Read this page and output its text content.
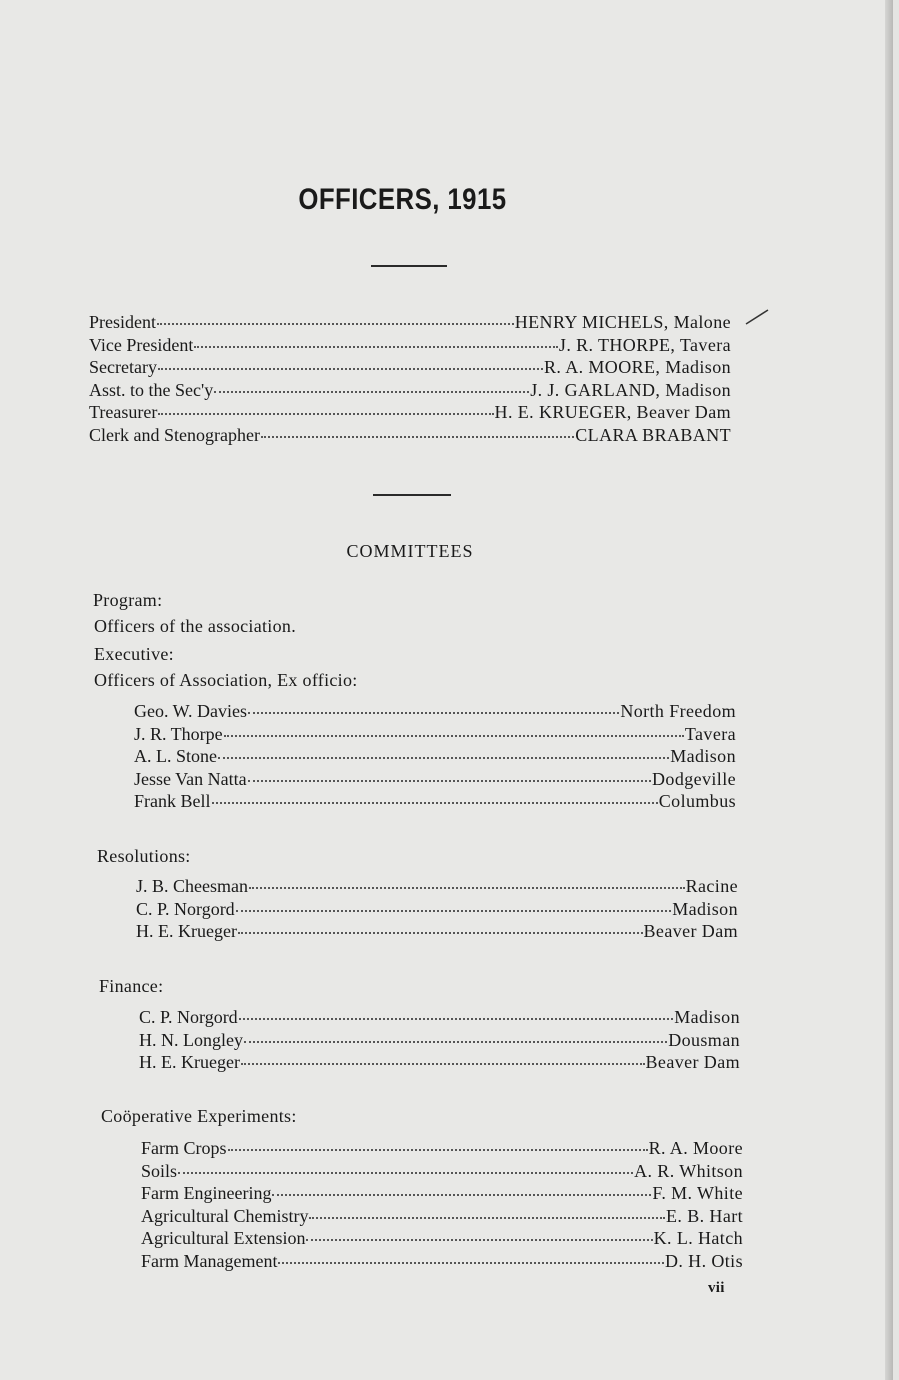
OFFICERS, 1915
President	HENRY MICHELS, Malone
Vice President	J. R. THORPE, Tavera
Secretary	R. A. MOORE, Madison
Asst. to the Sec'y	J. J. GARLAND, Madison
Treasurer	H. E. KRUEGER, Beaver Dam
Clerk and Stenographer	CLARA BRABANT
COMMITTEES
Program:
Officers of the association.
Executive:
Officers of Association, Ex officio:
Geo. W. Davies	North Freedom
J. R. Thorpe	Tavera
A. L. Stone	Madison
Jesse Van Natta	Dodgeville
Frank Bell	Columbus
Resolutions:
J. B. Cheesman	Racine
C. P. Norgord	Madison
H. E. Krueger	Beaver Dam
Finance:
C. P. Norgord	Madison
H. N. Longley	Dousman
H. E. Krueger	Beaver Dam
Coöperative Experiments:
Farm Crops	R. A. Moore
Soils	A. R. Whitson
Farm Engineering	F. M. White
Agricultural Chemistry	E. B. Hart
Agricultural Extension	K. L. Hatch
Farm Management	D. H. Otis
vii
